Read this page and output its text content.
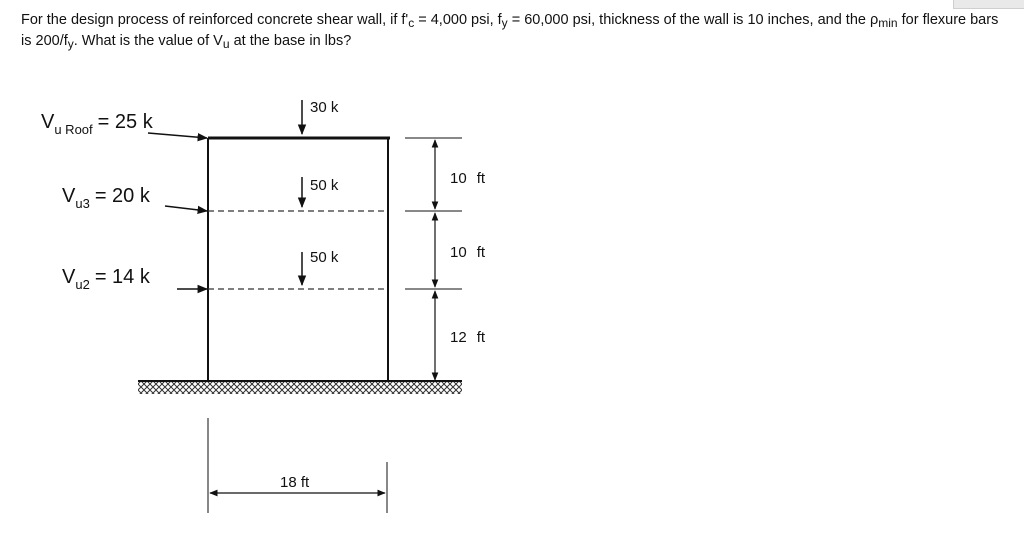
For the design process of reinforced concrete shear wall, if $f'_c = 4,000$ psi, $f_y = 60,000$ psi, thickness of the wall is 10 inches, and the $\rho_{min}$ for flexure bars is $200/f_y$. What is the value of $V_u$ at the base in lbs?

$V_{u Roof} = 25$ k
$V_{u3} = 20$ k
$V_{u2} = 14$ k
30 k
50 k
50 k
10 ft
10 ft
12 ft
18 ft
